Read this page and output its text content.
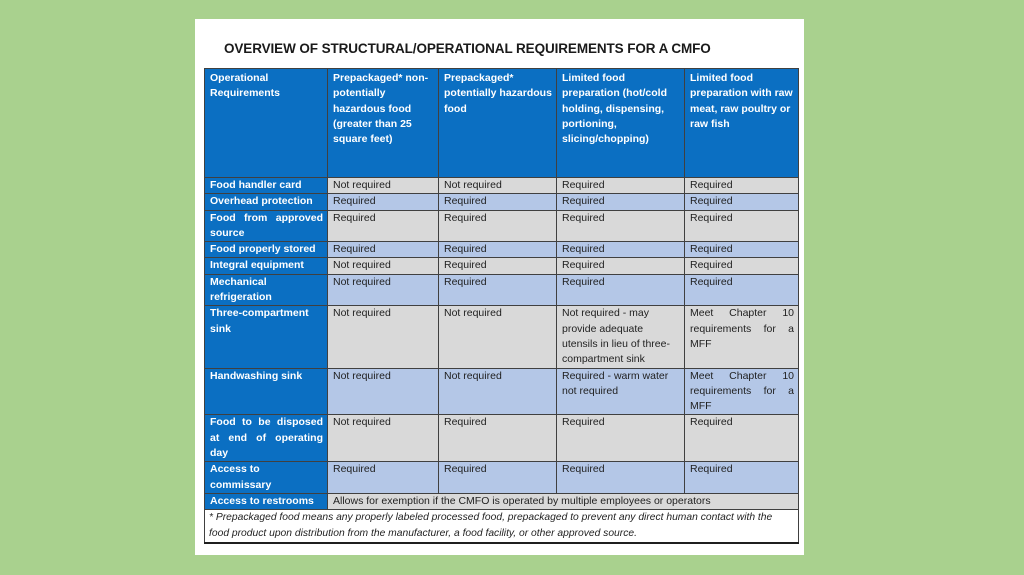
OVERVIEW OF STRUCTURAL/OPERATIONAL REQUIREMENTS FOR A CMFO
Operational Requirements	Prepackaged* non-potentially hazardous food (greater than 25 square feet)	Prepackaged* potentially hazardous food	Limited food preparation (hot/cold holding, dispensing, portioning, slicing/chopping)	Limited food preparation with raw meat, raw poultry or raw fish
Food handler card	Not required	Not required	Required	Required
Overhead protection	Required	Required	Required	Required
Food from approved source	Required	Required	Required	Required
Food properly stored	Required	Required	Required	Required
Integral equipment	Not required	Required	Required	Required
Mechanical refrigeration	Not required	Required	Required	Required
Three-compartment sink	Not required	Not required	Not required - may provide adequate utensils in lieu of three-compartment sink	Meet Chapter 10 requirements for a MFF
Handwashing sink	Not required	Not required	Required - warm water not required	Meet Chapter 10 requirements for a MFF
Food to be disposed at end of operating day	Not required	Required	Required	Required
Access to commissary	Required	Required	Required	Required
Access to restrooms	Allows for exemption if the CMFO is operated by multiple employees or operators			
* Prepackaged food means any properly labeled processed food, prepackaged to prevent any direct human contact with the food product upon distribution from the manufacturer, a food facility, or other approved source.				
